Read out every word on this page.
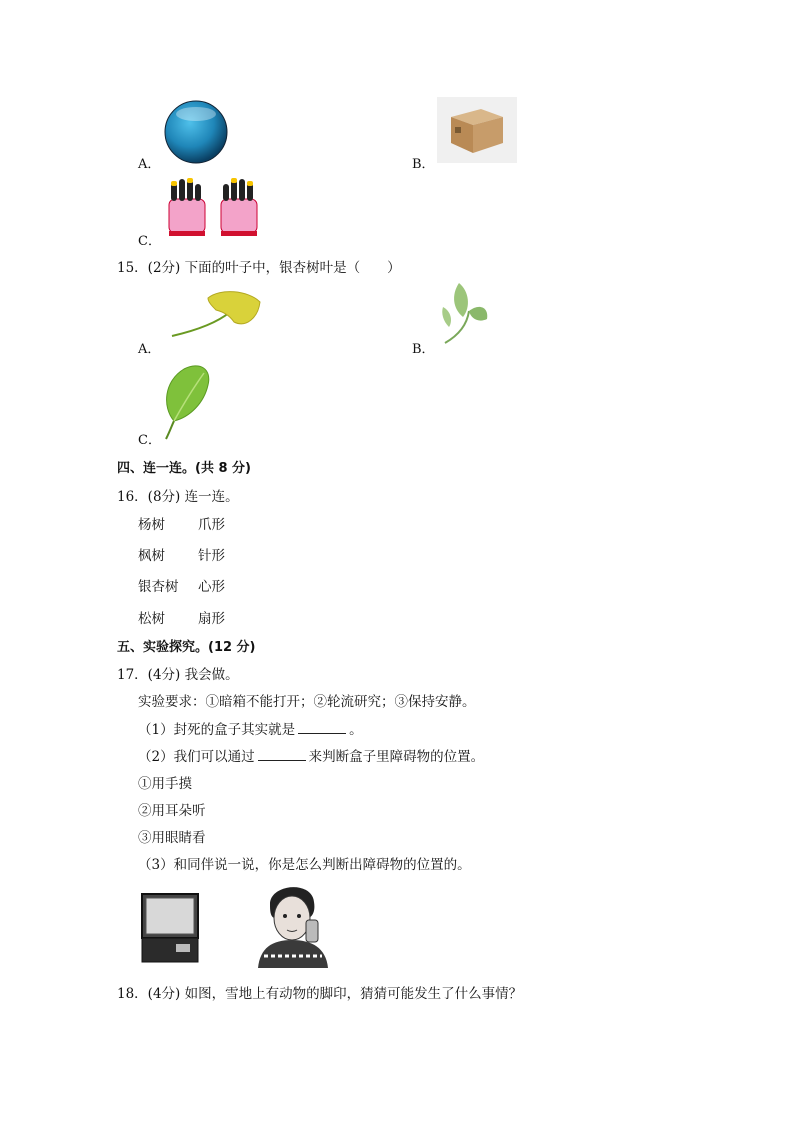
A．	B．
C．
15．(2分) 下面的叶子中，银杏树叶是（　　）
A．	B．
C．
四、连一连。(共 8 分)
16．(8分) 连一连。
杨树 爪形
枫树 针形
银杏树 心形
松树 扇形
五、实验探究。(12 分)
17．(4分) 我会做。
实验要求：①暗箱不能打开；②轮流研究；③保持安静。
（1）封死的盒子其实就是	。
（2）我们可以通过	来判断盒子里障碍物的位置。
①用手摸
②用耳朵听
③用眼睛看
（3）和同伴说一说，你是怎么判断出障碍物的位置的。
18．(4分) 如图，雪地上有动物的脚印，猜猜可能发生了什么事情？
